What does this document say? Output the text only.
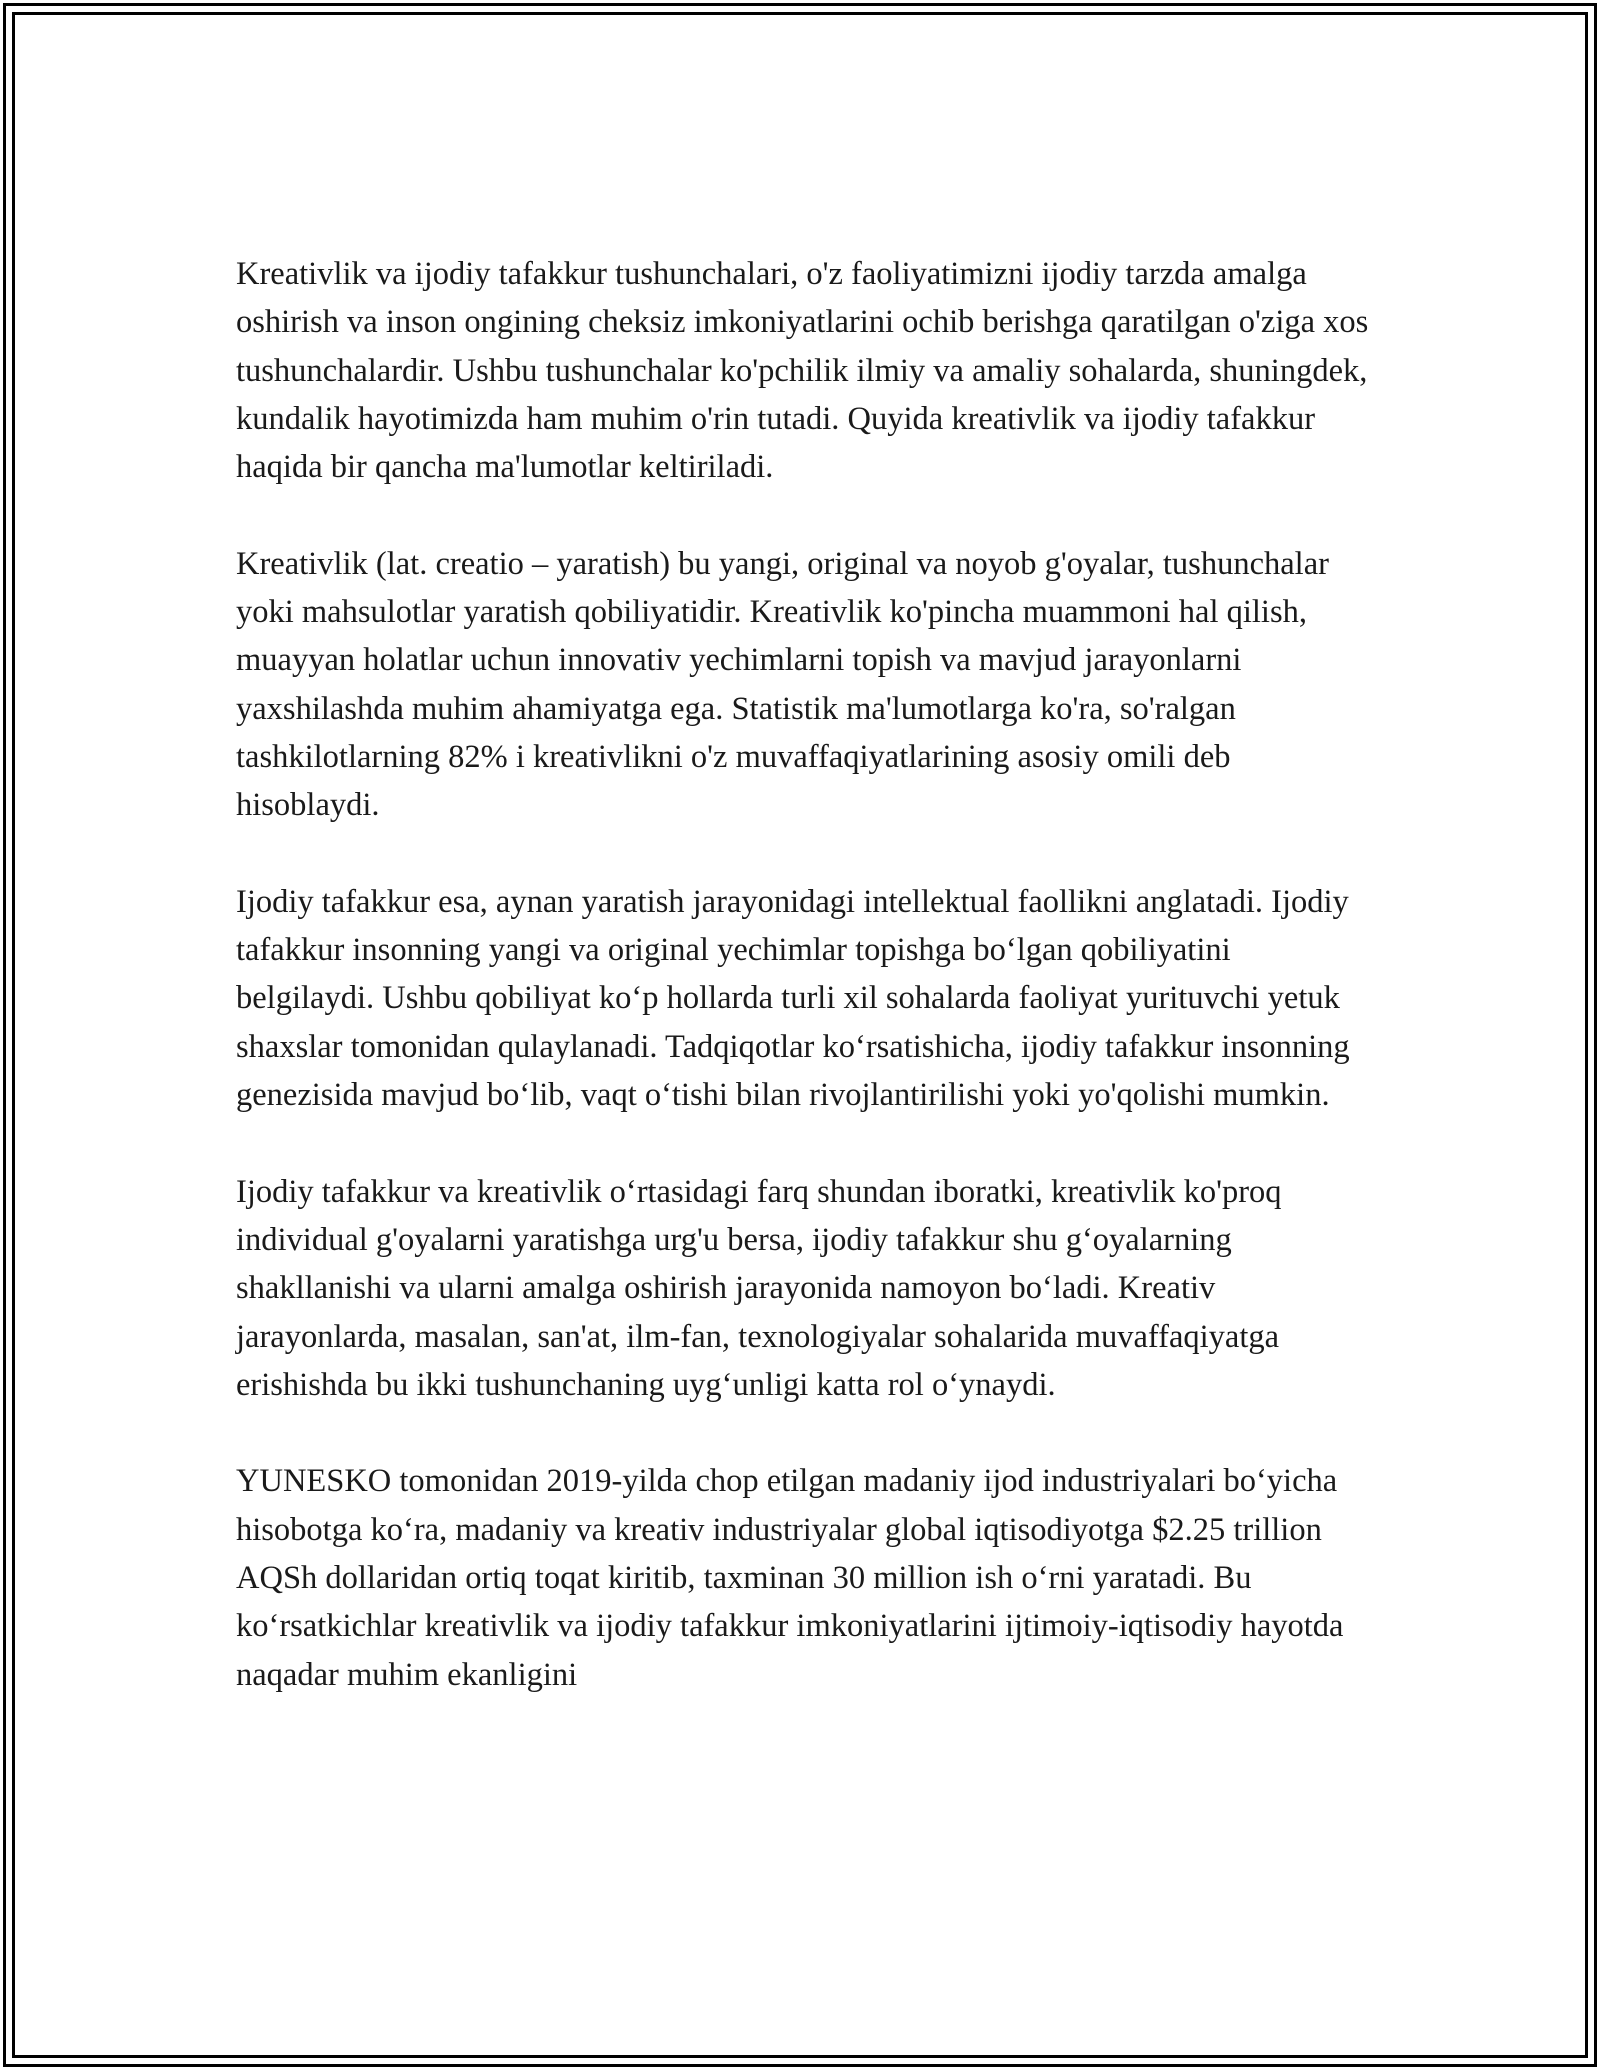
Kreativlik va ijodiy tafakkur tushunchalari, o'z faoliyatimizni ijodiy tarzda amalga oshirish va inson ongining cheksiz imkoniyatlarini ochib berishga qaratilgan o'ziga xos tushunchalardir. Ushbu tushunchalar ko'pchilik ilmiy va amaliy sohalarda, shuningdek, kundalik hayotimizda ham muhim o'rin tutadi. Quyida kreativlik va ijodiy tafakkur haqida bir qancha ma'lumotlar keltiriladi.

Kreativlik (lat. creatio – yaratish) bu yangi, original va noyob g'oyalar, tushunchalar yoki mahsulotlar yaratish qobiliyatidir. Kreativlik ko'pincha muammoni hal qilish, muayyan holatlar uchun innovativ yechimlarni topish va mavjud jarayonlarni yaxshilashda muhim ahamiyatga ega. Statistik ma'lumotlarga ko'ra, so'ralgan tashkilotlarning 82% i kreativlikni o'z muvaffaqiyatlarining asosiy omili deb hisoblaydi.

Ijodiy tafakkur esa, aynan yaratish jarayonidagi intellektual faollikni anglatadi. Ijodiy tafakkur insonning yangi va original yechimlar topishga bo‘lgan qobiliyatini belgilaydi. Ushbu qobiliyat ko‘p hollarda turli xil sohalarda faoliyat yurituvchi yetuk shaxslar tomonidan qulaylanadi. Tadqiqotlar ko‘rsatishicha, ijodiy tafakkur insonning genezisida mavjud bo‘lib, vaqt o‘tishi bilan rivojlantirilishi yoki yo'qolishi mumkin.

Ijodiy tafakkur va kreativlik o‘rtasidagi farq shundan iboratki, kreativlik ko'proq individual g'oyalarni yaratishga urg'u bersa, ijodiy tafakkur shu g‘oyalarning shakllanishi va ularni amalga oshirish jarayonida namoyon bo‘ladi. Kreativ jarayonlarda, masalan, san'at, ilm-fan, texnologiyalar sohalarida muvaffaqiyatga erishishda bu ikki tushunchaning uyg‘unligi katta rol o‘ynaydi.

YUNESKO tomonidan 2019-yilda chop etilgan madaniy ijod industriyalari bo‘yicha hisobotga ko‘ra, madaniy va kreativ industriyalar global iqtisodiyotga $2.25 trillion AQSh dollaridan ortiq toqat kiritib, taxminan 30 million ish o‘rni yaratadi. Bu ko‘rsatkichlar kreativlik va ijodiy tafakkur imkoniyatlarini ijtimoiy-iqtisodiy hayotda naqadar muhim ekanligini
